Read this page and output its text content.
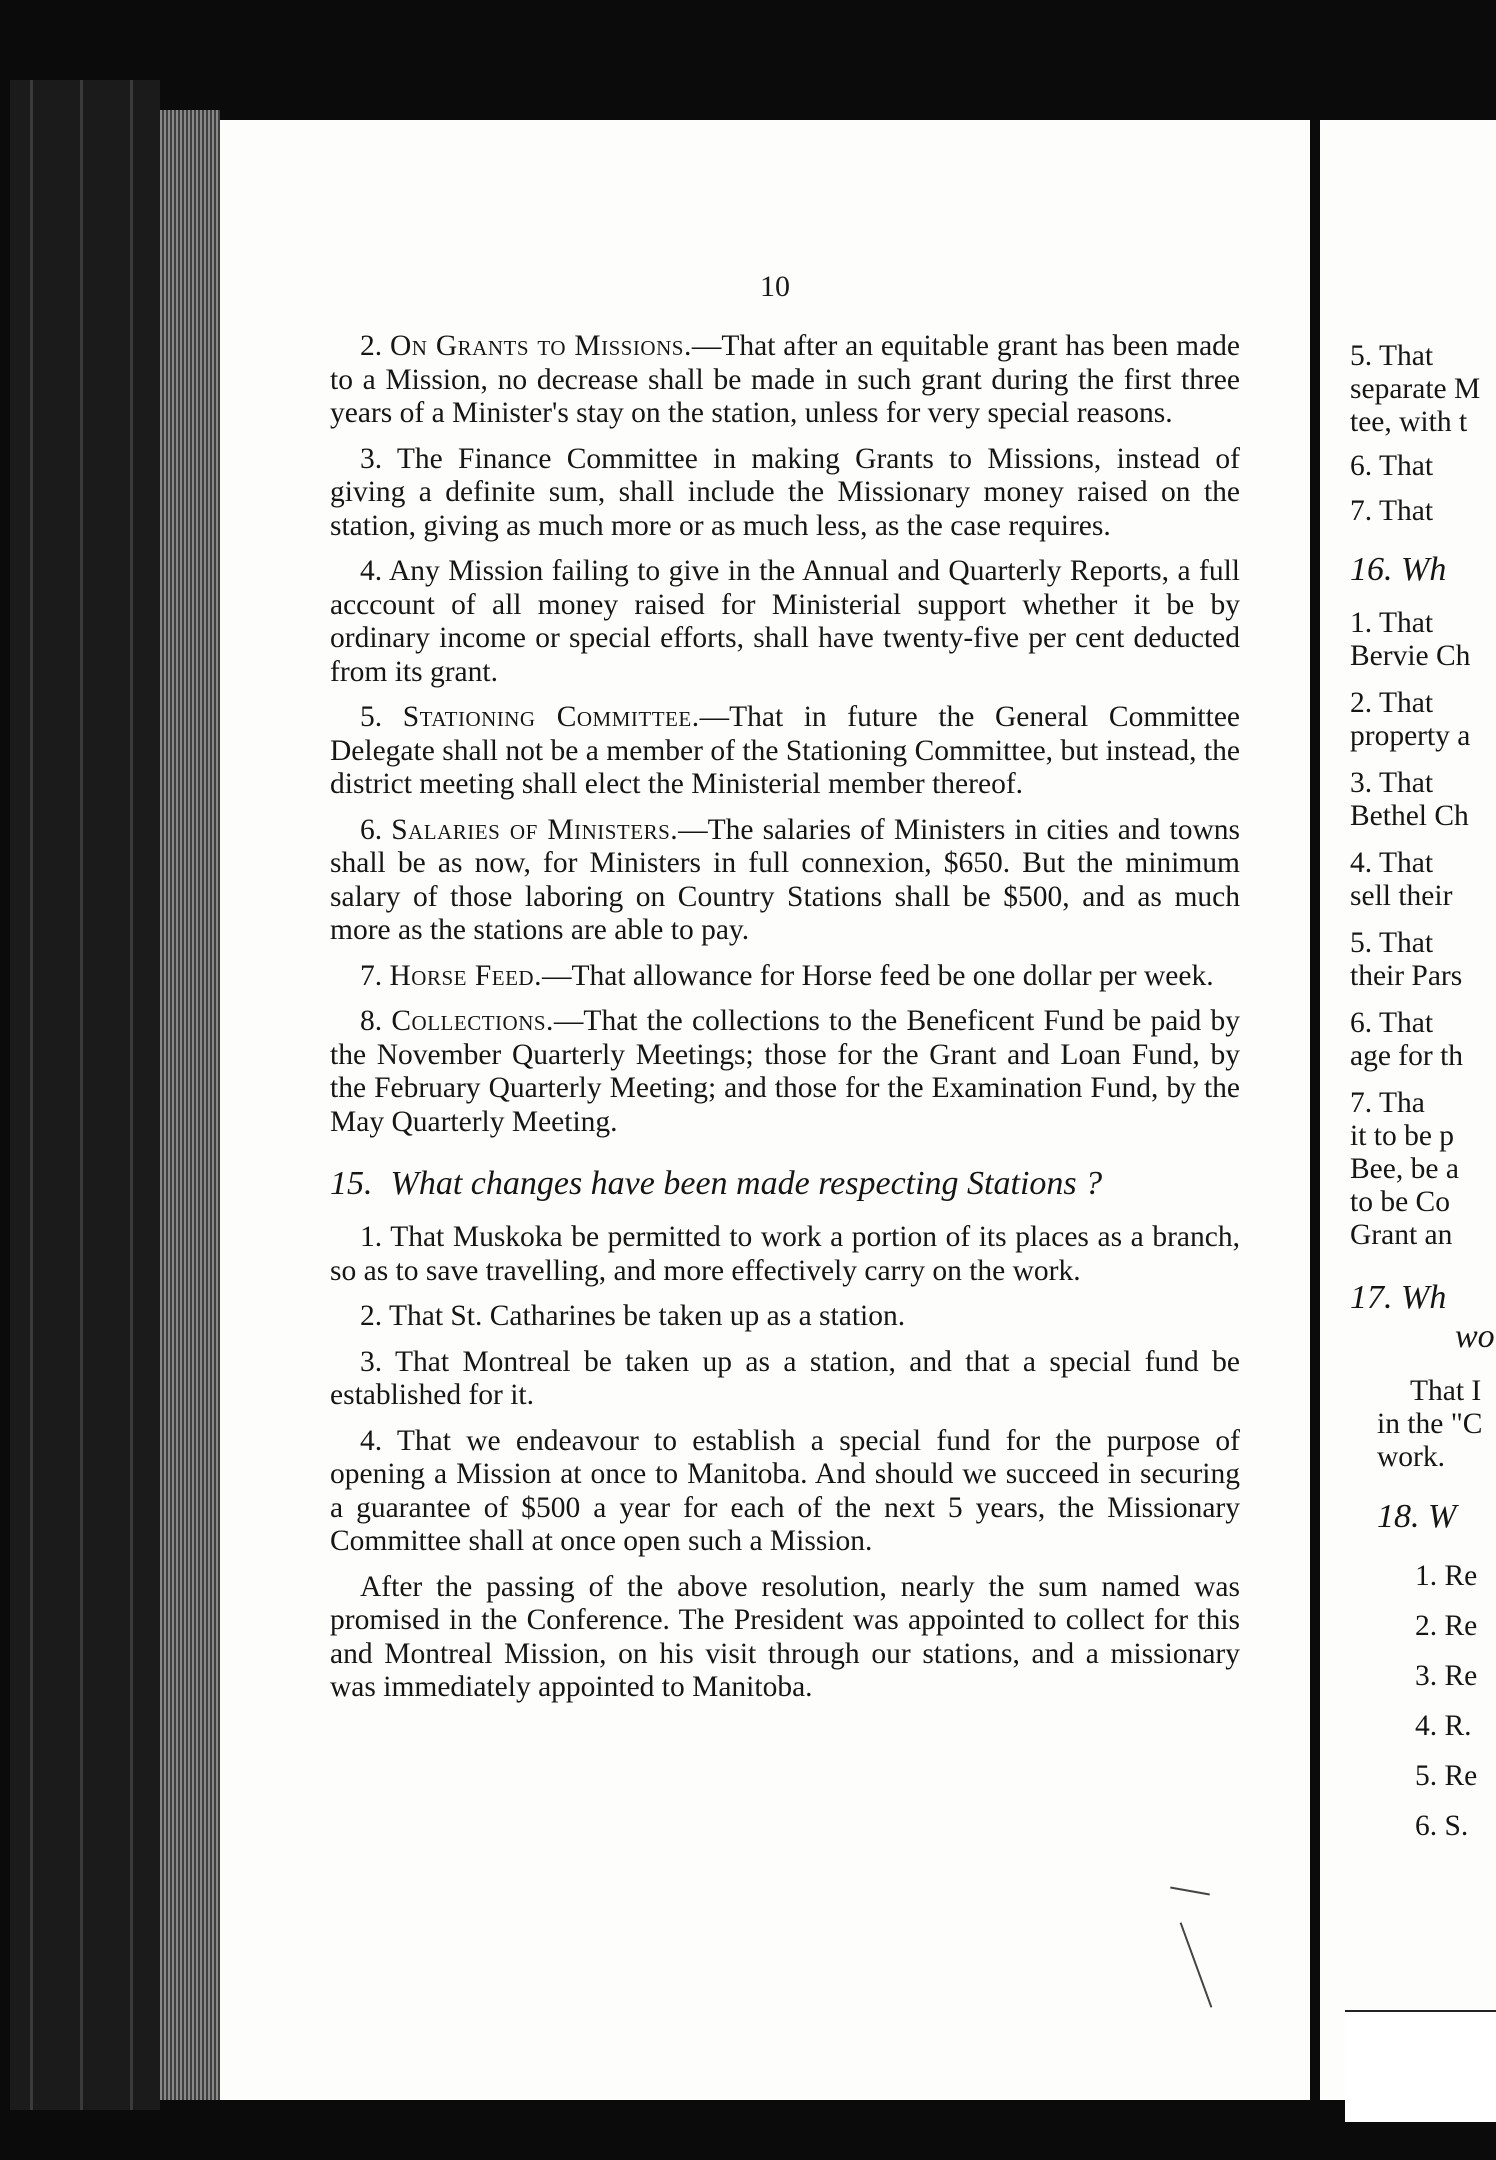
10

2. On Grants to Missions.—That after an equitable grant has been made to a Mission, no decrease shall be made in such grant during the first three years of a Minister's stay on the station, unless for very special reasons.

3. The Finance Committee in making Grants to Missions, instead of giving a definite sum, shall include the Missionary money raised on the station, giving as much more or as much less, as the case requires.

4. Any Mission failing to give in the Annual and Quarterly Reports, a full acccount of all money raised for Ministerial support whether it be by ordinary income or special efforts, shall have twenty-five per cent deducted from its grant.

5. Stationing Committee.—That in future the General Committee Delegate shall not be a member of the Stationing Committee, but instead, the district meeting shall elect the Ministerial member thereof.

6. Salaries of Ministers.—The salaries of Ministers in cities and towns shall be as now, for Ministers in full connexion, $650. But the minimum salary of those laboring on Country Stations shall be $500, and as much more as the stations are able to pay.

7. Horse Feed.—That allowance for Horse feed be one dollar per week.

8. Collections.—That the collections to the Beneficent Fund be paid by the November Quarterly Meetings; those for the Grant and Loan Fund, by the February Quarterly Meeting; and those for the Examination Fund, by the May Quarterly Meeting.

15. What changes have been made respecting Stations ?

1. That Muskoka be permitted to work a portion of its places as a branch, so as to save travelling, and more effectively carry on the work.

2. That St. Catharines be taken up as a station.

3. That Montreal be taken up as a station, and that a special fund be established for it.

4. That we endeavour to establish a special fund for the purpose of opening a Mission at once to Manitoba. And should we succeed in securing a guarantee of $500 a year for each of the next 5 years, the Missionary Committee shall at once open such a Mission.

After the passing of the above resolution, nearly the sum named was promised in the Conference. The President was appointed to collect for this and Montreal Mission, on his visit through our stations, and a missionary was immediately appointed to Manitoba.

5. That
separate M
tee, with t
6. That
7. That
16. Wh
1. That
Bervie Ch
2. That
property a
3. That
Bethel Ch
4. That
sell their
5. That
their Pars
6. That
age for th
7. Tha
it to be p
Bee, be a
to be Co
Grant an
17. Wh
wo
That I
in the "C
work.
18. W
1. Re
2. Re
3. Re
4. R.
5. Re
6. S.
